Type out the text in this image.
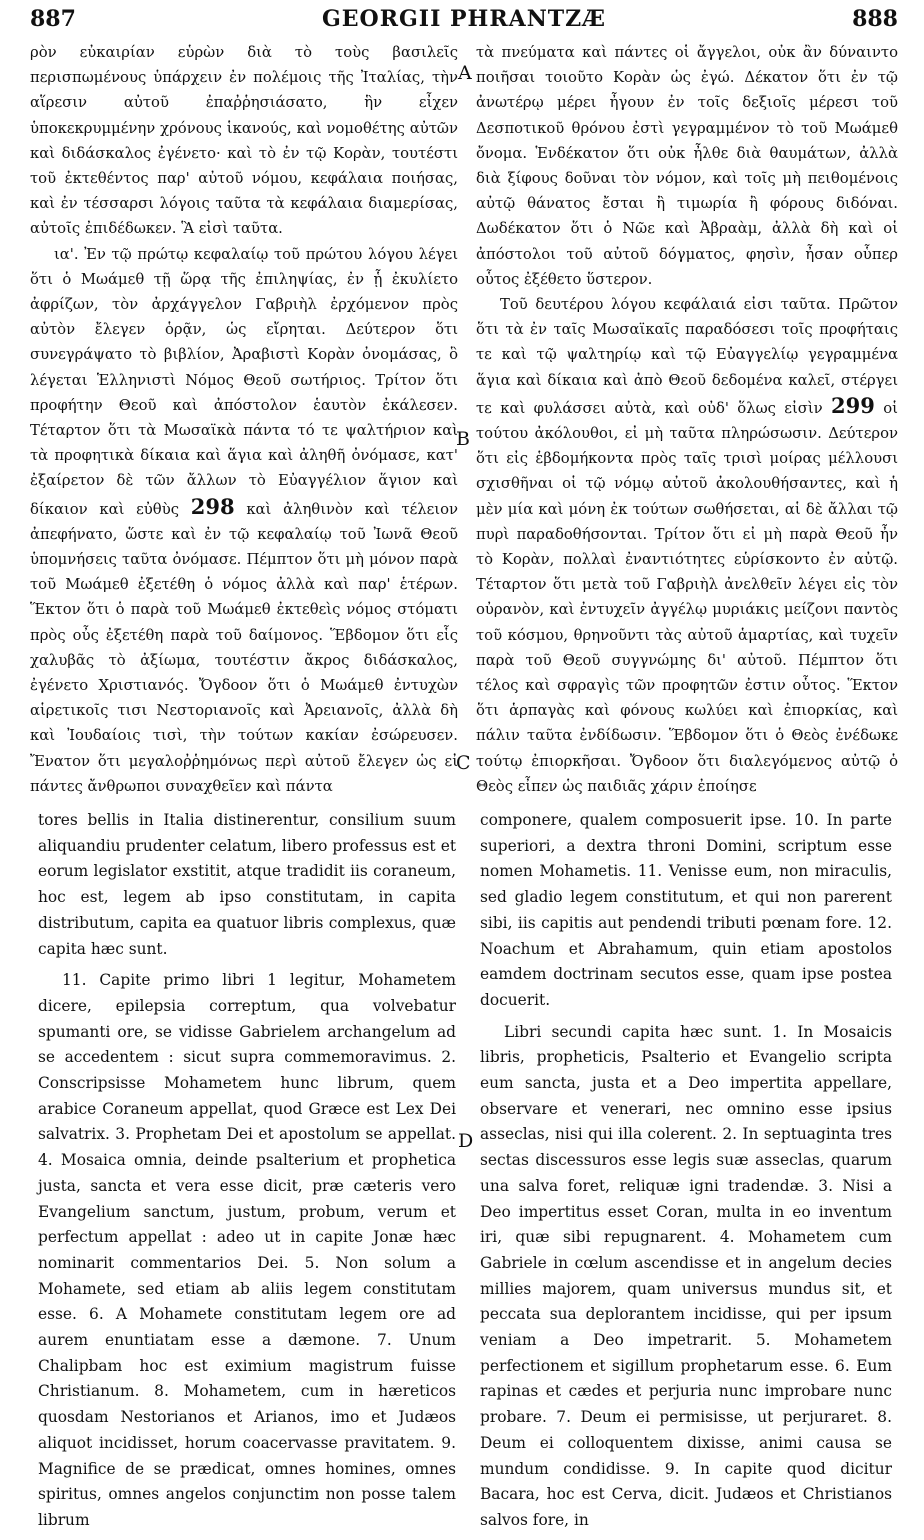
887	GEORGII PHRANTZÆ	888
A
B
C
D

ρὸν εὐκαιρίαν εὑρὼν διὰ τὸ τοὺς βασιλεῖς περισπωμένους ὑπάρχειν ἐν πολέμοις τῆς Ἰταλίας, τὴν αἵρεσιν αὐτοῦ ἐπαῤῥησιάσατο, ἣν εἶχεν ὑποκεκρυμμένην χρόνους ἱκανούς, καὶ νομοθέτης αὐτῶν καὶ διδάσκαλος ἐγένετο· καὶ τὸ ἐν τῷ Κορὰν, τουτέστι τοῦ ἐκτεθέντος παρ' αὐτοῦ νόμου, κεφάλαια ποιήσας, καὶ ἐν τέσσαρσι λόγοις ταῦτα τὰ κεφάλαια διαμερίσας, αὐτοῖς ἐπιδέδωκεν. Ἃ εἰσὶ ταῦτα.

ια'. Ἐν τῷ πρώτῳ κεφαλαίῳ τοῦ πρώτου λόγου λέγει ὅτι ὁ Μωάμεθ τῇ ὥρᾳ τῆς ἐπιληψίας, ἐν ᾗ ἐκυλίετο ἀφρίζων, τὸν ἀρχάγγελον Γαβριὴλ ἐρχόμενον πρὸς αὐτὸν ἔλεγεν ὁρᾷν, ὡς εἴρηται. Δεύτερον ὅτι συνεγράψατο τὸ βιβλίον, Ἀραβιστὶ Κορὰν ὀνομάσας, ὃ λέγεται Ἑλληνιστὶ Νόμος Θεοῦ σωτήριος. Τρίτον ὅτι προφήτην Θεοῦ καὶ ἀπόστολον ἑαυτὸν ἐκάλεσεν. Τέταρτον ὅτι τὰ Μωσαϊκὰ πάντα τό τε ψαλτήριον καὶ τὰ προφητικὰ δίκαια καὶ ἅγια καὶ ἀληθῆ ὀνόμασε, κατ' ἐξαίρετον δὲ τῶν ἄλλων τὸ Εὐαγγέλιον ἅγιον καὶ δίκαιον καὶ εὐθὺς 298 καὶ ἀληθινὸν καὶ τέλειον ἀπεφήνατο, ὥστε καὶ ἐν τῷ κεφαλαίῳ τοῦ Ἰωνᾶ Θεοῦ ὑπομνήσεις ταῦτα ὀνόμασε. Πέμπτον ὅτι μὴ μόνον παρὰ τοῦ Μωάμεθ ἐξετέθη ὁ νόμος ἀλλὰ καὶ παρ' ἑτέρων. Ἕκτον ὅτι ὁ παρὰ τοῦ Μωάμεθ ἐκτεθεὶς νόμος στόματι πρὸς οὖς ἐξετέθη παρὰ τοῦ δαίμονος. Ἕβδομον ὅτι εἷς χαλυβᾶς τὸ ἀξίωμα, τουτέστιν ἄκρος διδάσκαλος, ἐγένετο Χριστιανός. Ὄγδοον ὅτι ὁ Μωάμεθ ἐντυχὼν αἱρετικοῖς τισι Νεστοριανοῖς καὶ Ἀρειανοῖς, ἀλλὰ δὴ καὶ Ἰουδαίοις τισὶ, τὴν τούτων κακίαν ἐσώρευσεν. Ἔνατον ὅτι μεγαλοῤῥημόνως περὶ αὐτοῦ ἔλεγεν ὡς εἰ πάντες ἄνθρωποι συναχθεῖεν καὶ πάντα

τὰ πνεύματα καὶ πάντες οἱ ἄγγελοι, οὐκ ἂν δύναιντο ποιῆσαι τοιοῦτο Κορὰν ὡς ἐγώ. Δέκατον ὅτι ἐν τῷ ἀνωτέρῳ μέρει ἦγουν ἐν τοῖς δεξιοῖς μέρεσι τοῦ Δεσποτικοῦ θρόνου ἐστὶ γεγραμμένον τὸ τοῦ Μωάμεθ ὄνομα. Ἑνδέκατον ὅτι οὐκ ἦλθε διὰ θαυμάτων, ἀλλὰ διὰ ξίφους δοῦναι τὸν νόμον, καὶ τοῖς μὴ πειθομένοις αὐτῷ θάνατος ἔσται ἢ τιμωρία ἢ φόρους διδόναι. Δωδέκατον ὅτι ὁ Νῶε καὶ Ἀβραὰμ, ἀλλὰ δὴ καὶ οἱ ἀπόστολοι τοῦ αὐτοῦ δόγματος, φησὶν, ἦσαν οὗπερ οὗτος ἐξέθετο ὕστερον.

Τοῦ δευτέρου λόγου κεφάλαιά εἰσι ταῦτα. Πρῶτον ὅτι τὰ ἐν ταῖς Μωσαϊκαῖς παραδόσεσι τοῖς προφήταις τε καὶ τῷ ψαλτηρίῳ καὶ τῷ Εὐαγγελίῳ γεγραμμένα ἅγια καὶ δίκαια καὶ ἀπὸ Θεοῦ δεδομένα καλεῖ, στέργει τε καὶ φυλάσσει αὐτὰ, καὶ οὐδ' ὅλως εἰσὶν 299 οἱ τούτου ἀκόλουθοι, εἰ μὴ ταῦτα πληρώσωσιν. Δεύτερον ὅτι εἰς ἑβδομήκοντα πρὸς ταῖς τρισὶ μοίρας μέλλουσι σχισθῆναι οἱ τῷ νόμῳ αὐτοῦ ἀκολουθήσαντες, καὶ ἡ μὲν μία καὶ μόνη ἐκ τούτων σωθήσεται, αἱ δὲ ἄλλαι τῷ πυρὶ παραδοθήσονται. Τρίτον ὅτι εἰ μὴ παρὰ Θεοῦ ἦν τὸ Κορὰν, πολλαὶ ἐναντιότητες εὑρίσκοντο ἐν αὐτῷ. Τέταρτον ὅτι μετὰ τοῦ Γαβριὴλ ἀνελθεῖν λέγει εἰς τὸν οὐρανὸν, καὶ ἐντυχεῖν ἀγγέλῳ μυριάκις μείζονι παντὸς τοῦ κόσμου, θρηνοῦντι τὰς αὐτοῦ ἁμαρτίας, καὶ τυχεῖν παρὰ τοῦ Θεοῦ συγγνώμης δι' αὐτοῦ. Πέμπτον ὅτι τέλος καὶ σφραγὶς τῶν προφητῶν ἐστιν οὗτος. Ἕκτον ὅτι ἁρπαγὰς καὶ φόνους κωλύει καὶ ἐπιορκίας, καὶ πάλιν ταῦτα ἐνδίδωσιν. Ἕβδομον ὅτι ὁ Θεὸς ἐνέδωκε τούτῳ ἐπιορκῆσαι. Ὄγδοον ὅτι διαλεγόμενος αὐτῷ ὁ Θεὸς εἶπεν ὡς παιδιᾶς χάριν ἐποίησε

tores bellis in Italia distinerentur, consilium suum aliquandiu prudenter celatum, libero professus est et eorum legislator exstitit, atque tradidit iis coraneum, hoc est, legem ab ipso constitutam, in capita distributum, capita ea quatuor libris complexus, quæ capita hæc sunt.

11. Capite primo libri 1 legitur, Mohametem dicere, epilepsia correptum, qua volvebatur spumanti ore, se vidisse Gabrielem archangelum ad se accedentem : sicut supra commemoravimus. 2. Conscripsisse Mohametem hunc librum, quem arabice Coraneum appellat, quod Græce est Lex Dei salvatrix. 3. Prophetam Dei et apostolum se appellat. 4. Mosaica omnia, deinde psalterium et prophetica justa, sancta et vera esse dicit, præ cæteris vero Evangelium sanctum, justum, probum, verum et perfectum appellat : adeo ut in capite Jonæ hæc nominarit commentarios Dei. 5. Non solum a Mohamete, sed etiam ab aliis legem constitutam esse. 6. A Mohamete constitutam legem ore ad aurem enuntiatam esse a dæmone. 7. Unum Chalipbam hoc est eximium magistrum fuisse Christianum. 8. Mohametem, cum in hæreticos quosdam Nestorianos et Arianos, imo et Judæos aliquot incidisset, horum coacervasse pravitatem. 9. Magnifice de se prædicat, omnes homines, omnes spiritus, omnes angelos conjunctim non posse talem librum

componere, qualem composuerit ipse. 10. In parte superiori, a dextra throni Domini, scriptum esse nomen Mohametis. 11. Venisse eum, non miraculis, sed gladio legem constitutum, et qui non parerent sibi, iis capitis aut pendendi tributi pœnam fore. 12. Noachum et Abrahamum, quin etiam apostolos eamdem doctrinam secutos esse, quam ipse postea docuerit.

Libri secundi capita hæc sunt. 1. In Mosaicis libris, propheticis, Psalterio et Evangelio scripta eum sancta, justa et a Deo impertita appellare, observare et venerari, nec omnino esse ipsius asseclas, nisi qui illa colerent. 2. In septuaginta tres sectas discessuros esse legis suæ asseclas, quarum una salva foret, reliquæ igni tradendæ. 3. Nisi a Deo impertitus esset Coran, multa in eo inventum iri, quæ sibi repugnarent. 4. Mohametem cum Gabriele in cœlum ascendisse et in angelum decies millies majorem, quam universus mundus sit, et peccata sua deplorantem incidisse, qui per ipsum veniam a Deo impetrarit. 5. Mohametem perfectionem et sigillum prophetarum esse. 6. Eum rapinas et cædes et perjuria nunc improbare nunc probare. 7. Deum ei permisisse, ut perjuraret. 8. Deum ei colloquentem dixisse, animi causa se mundum condidisse. 9. In capite quod dicitur Bacara, hoc est Cerva, dicit. Judæos et Christianos salvos fore, in
